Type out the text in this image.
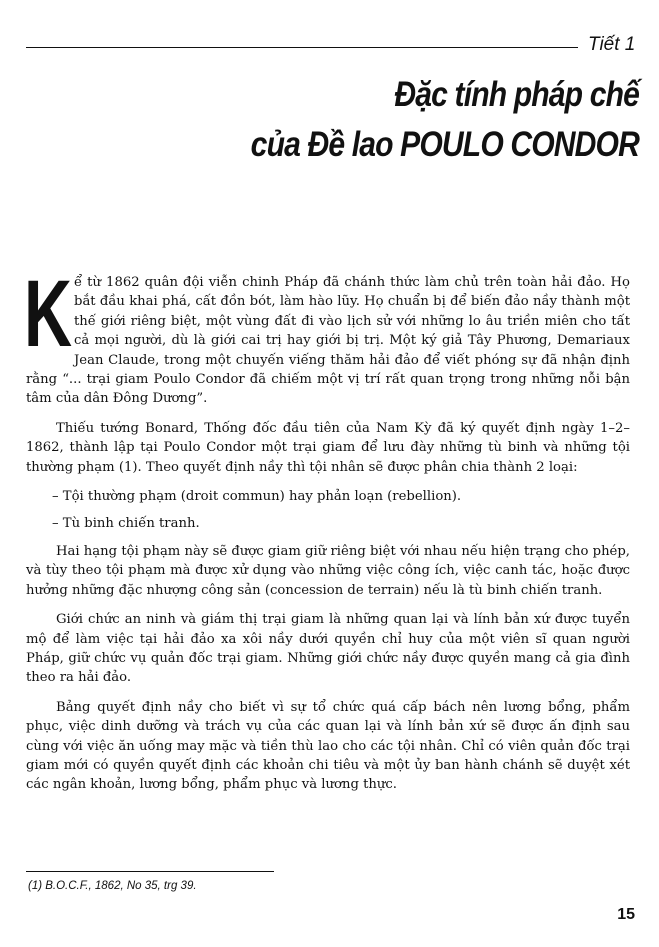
Tiết 1
Đặc tính pháp chế
của Đề lao POULO CONDOR

Kể từ 1862 quân đội viễn chinh Pháp đã chánh thức làm chủ trên toàn hải đảo. Họ bắt đầu khai phá, cất đồn bót, làm hào lũy. Họ chuẩn bị để biến đảo nầy thành một thế giới riêng biệt, một vùng đất đi vào lịch sử với những lo âu triền miên cho tất cả mọi người, dù là giới cai trị hay giới bị trị. Một ký giả Tây Phương, Demariaux Jean Claude, trong một chuyến viếng thăm hải đảo để viết phóng sự đã nhận định rằng “... trại giam Poulo Condor đã chiếm một vị trí rất quan trọng trong những nỗi bận tâm của dân Đông Dương”.

Thiếu tướng Bonard, Thống đốc đầu tiên của Nam Kỳ đã ký quyết định ngày 1–2–1862, thành lập tại Poulo Condor một trại giam để lưu đày những tù binh và những tội thường phạm (1). Theo quyết định nầy thì tội nhân sẽ được phân chia thành 2 loại:

– Tội thường phạm (droit commun) hay phản loạn (rebellion).

– Tù binh chiến tranh.

Hai hạng tội phạm này sẽ được giam giữ riêng biệt với nhau nếu hiện trạng cho phép, và tùy theo tội phạm mà được xử dụng vào những việc công ích, việc canh tác, hoặc được hưởng những đặc nhượng công sản (concession de terrain) nếu là tù binh chiến tranh.

Giới chức an ninh và giám thị trại giam là những quan lại và lính bản xứ được tuyển mộ để làm việc tại hải đảo xa xôi nầy dưới quyền chỉ huy của một viên sĩ quan người Pháp, giữ chức vụ quản đốc trại giam. Những giới chức nầy được quyền mang cả gia đình theo ra hải đảo.

Bảng quyết định nầy cho biết vì sự tổ chức quá cấp bách nên lương bổng, phẩm phục, việc dinh dưỡng và trách vụ của các quan lại và lính bản xứ sẽ được ấn định sau cùng với việc ăn uống may mặc và tiền thù lao cho các tội nhân. Chỉ có viên quản đốc trại giam mới có quyền quyết định các khoản chi tiêu và một ủy ban hành chánh sẽ duyệt xét các ngân khoản, lương bổng, phẩm phục và lương thực.

(1) B.O.C.F., 1862, No 35, trg 39.
15
